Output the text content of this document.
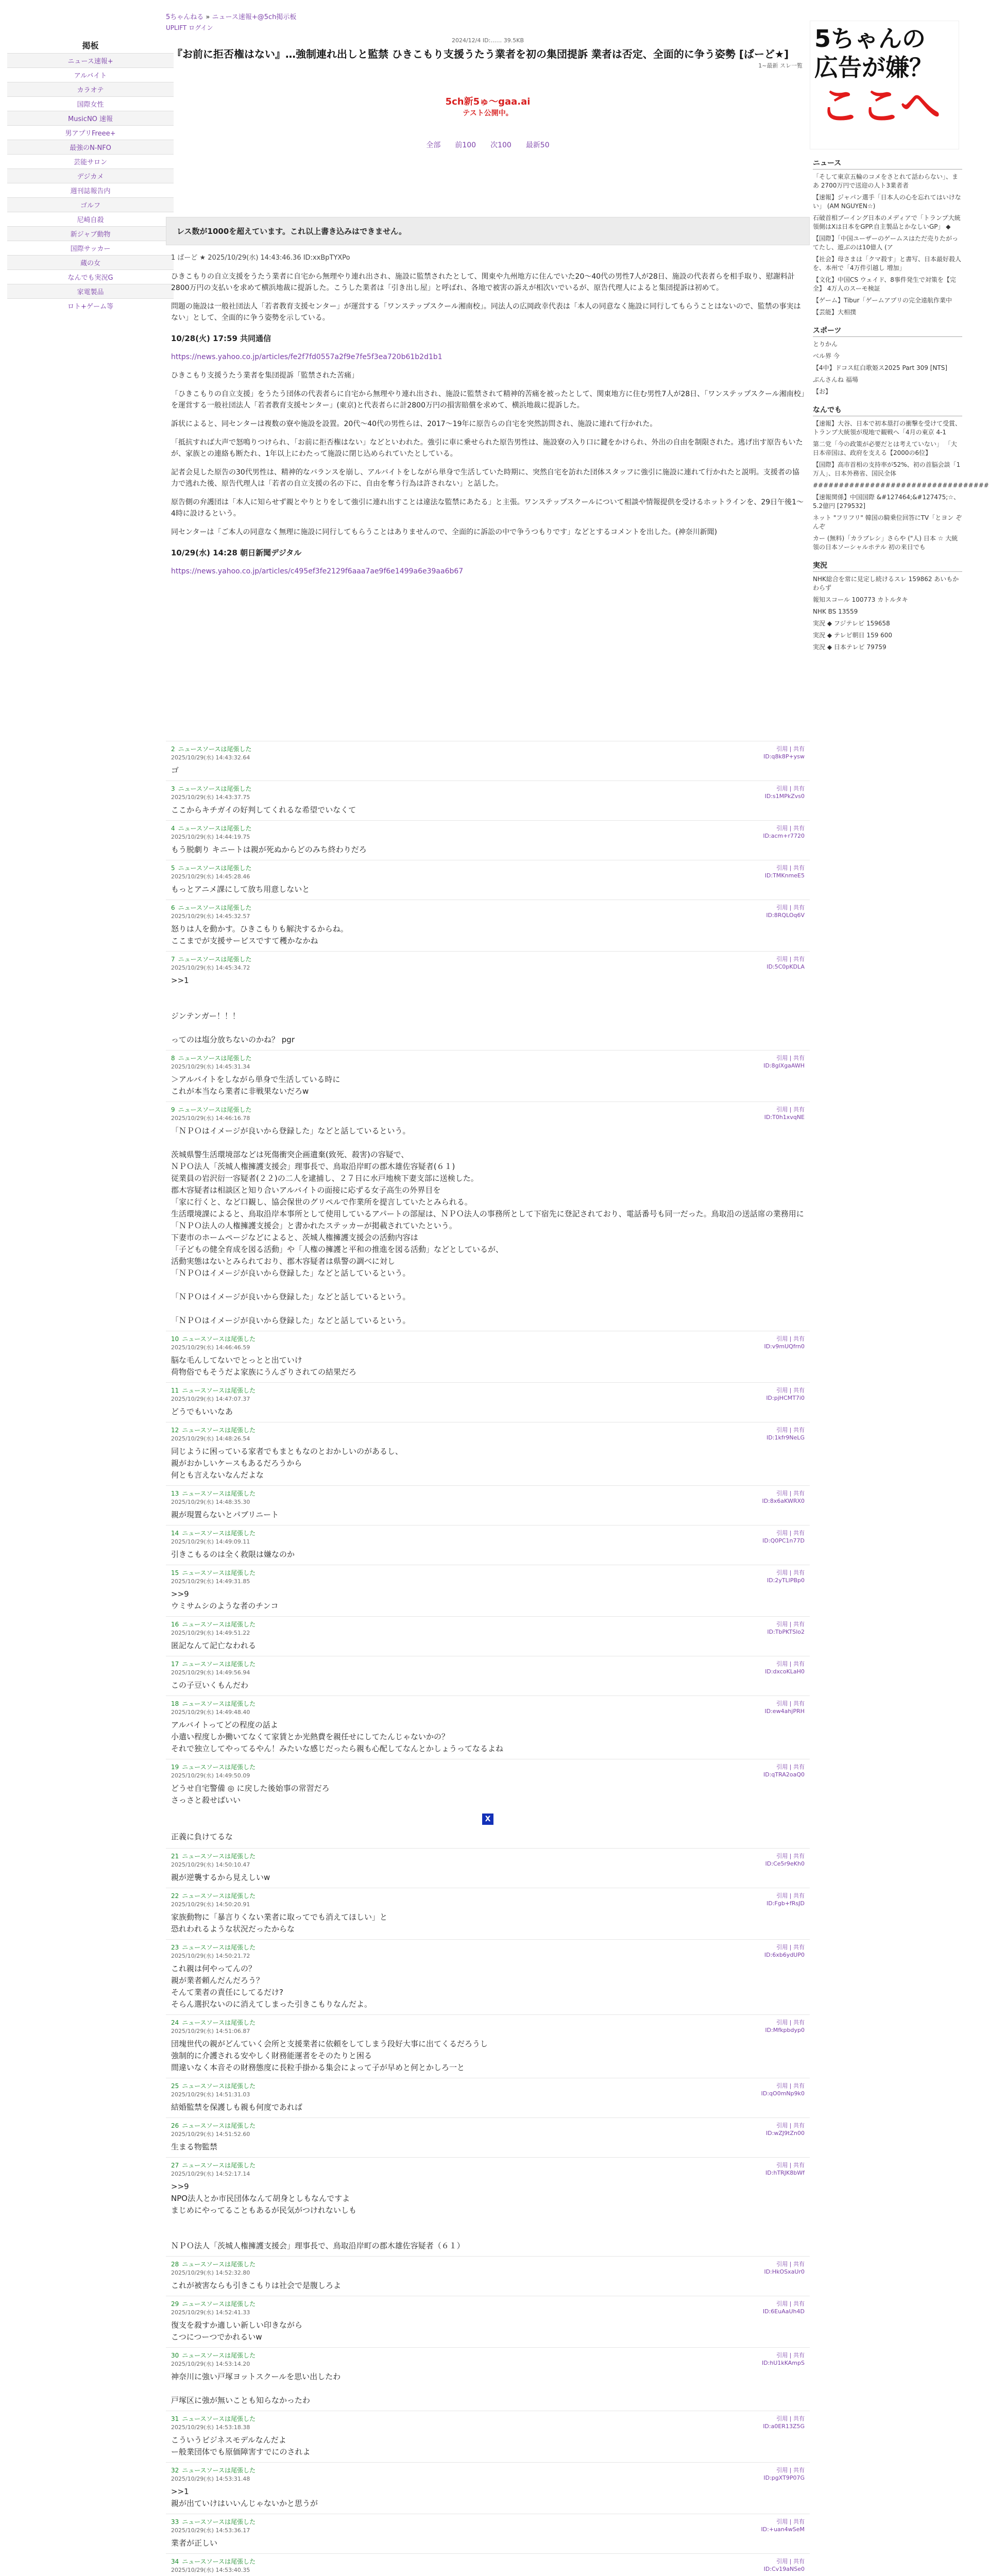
掲板
ニュース速報+
アルバイト
カラオテ
国際女性
MusicNO 速報
男アプリFreee+
最強のN-NFO
芸能サロン
デジカメ
週刊誌報告内
ゴルフ
尼崎自殺
新ジャブ動物
国際サッカー
蔵の女
なんでも実況G
家電製品
ロト+ゲーム等
5ちゃんねる » ニュース速報+@5ch掲示板
UPLIFT ログイン
2024/12/4 ID:…… 39.5KB
『お前に拒否権はない』…強制連れ出しと監禁 ひきこもり支援うたう業者を初の集団提訴 業者は否定、全面的に争う姿勢 [ぱーど★]
1~最新 スレ一覧
5ch新5ゅ～gaa.ai
テスト公開中。
全部 前100 次100 最新50
レス数が1000を超えています。これ以上書き込みはできません。
1 ぱーど ★ 2025/10/29(水) 14:43:46.36 ID:xxBpTYXPo

ひきこもりの自立支援をうたう業者に自宅から無理やり連れ出され、施設に監禁されたとして、関東や九州地方に住んでいた20～40代の男性7人が28日、施設の代表者らを相手取り、慰謝料計2800万円の支払いを求めて横浜地裁に提訴した。こうした業者は「引き出し屋」と呼ばれ、各地で被害の訴えが相次いでいるが、原告代理人によると集団提訴は初めて。

問題の施設は一般社団法人「若者教育支援センター」が運営する「ワンステップスクール湘南校」。同法人の広岡政幸代表は「本人の同意なく施設に同行してもらうことはないので、監禁の事実はない」として、全面的に争う姿勢を示している。

10/28(火) 17:59 共同通信

https://news.yahoo.co.jp/articles/fe2f7fd0557a2f9e7fe5f3ea720b61b2d1b1

ひきこもり支援うたう業者を集団提訴「監禁された苦痛」

「ひきこもりの自立支援」をうたう団体の代表者らに自宅から無理やり連れ出され、施設に監禁されて精神的苦痛を被ったとして、関東地方に住む男性7人が28日、「ワンステップスクール湘南校」を運営する一般社団法人「若者教育支援センター」(東京)と代表者らに計2800万円の損害賠償を求めて、横浜地裁に提訴した。

訴状によると、同センターは複数の寮や施設を設置。20代～40代の男性らは、2017～19年に原告らの自宅を突然訪問され、施設に連れて行かれた。

「抵抗すれば大声で怒鳴りつけられ、「お前に拒否権はない」などといわれた。強引に車に乗せられた原告男性は、施設寮の入り口に鍵をかけられ、外出の自由を制限された。逃げ出す原告もいたが、家族との連絡も断たれ、1年以上にわたって施設に閉じ込められていたとしている。

記者会見した原告の30代男性は、精神的なバランスを崩し、アルバイトをしながら単身で生活していた時期に、突然自宅を訪れた団体スタッフに強引に施設に連れて行かれたと説明。支援者の協力で逃れた後、原告代理人は「若者の自立支援の名の下に、自由を奪う行為は許されない」と話した。

原告側の弁護団は「本人に知らせず親とやりとりをして強引に連れ出すことは違法な監禁にあたる」と主張。ワンステップスクールについて相談や情報提供を受けるホットラインを、29日午後1～4時に設けるという。

同センターは「ご本人の同意なく無理に施設に同行してもらうことはありませんので、全面的に訴訟の中で争うつもりです」などとするコメントを出した。(神奈川新聞)

10/29(水) 14:28 朝日新聞デジタル

https://news.yahoo.co.jp/articles/c495ef3fe2129f6aaa7ae9f6e1499a6e39aa6b67
2 ニュースソースは尾張した	引用 | 共有
2025/10/29(水) 14:43:32.64	ID:q8k8P+ysw
ゴ
3 ニュースソースは尾張した	引用 | 共有
2025/10/29(水) 14:43:37.75	ID:s1MPkZvs0
ここからキチガイの好判してくれるな希望でいなくて
4 ニュースソースは尾張した	引用 | 共有
2025/10/29(水) 14:44:19.75	ID:acm+r7720
もう脱劇り キニートは親が死ぬからどのみち終わりだろ
5 ニュースソースは尾張した	引用 | 共有
2025/10/29(水) 14:45:28.46	ID:TMKnmeE5
もっとアニメ課にして放ち用意しないと
6 ニュースソースは尾張した	引用 | 共有
2025/10/29(水) 14:45:32.57	ID:8RQLOq6V
怒りは人を動かす。ひきこもりも解決するからね。
ここまでが支援サービスですて穫かなかね
7 ニュースソースは尾張した	引用 | 共有
2025/10/29(水) 14:45:34.72	ID:5C0pKDLA
>>1

ジンテンガー！！！

ってのは塩分放ちないのかね？ pgr
8 ニュースソースは尾張した	引用 | 共有
2025/10/29(水) 14:45:31.34	ID:8glXgaAWH
＞アルバイトをしながら単身で生活している時に
これが本当なら業者に非戦果ないだろw
9 ニュースソースは尾張した	引用 | 共有
2025/10/29(水) 14:46:16.78	ID:T0h1xvqNE
「ＮＰＯはイメージが良いから登録した」などと話しているという。

茨城県警生活環境部などは死傷衝突企画遺棄(致死、殺害)の容疑で、
ＮＰＯ法人「茨城人権擁護支援会」理事長で、鳥取沿岸町の郡木雄佐容疑者(６１)
従業員の岩沢衍一容疑者(２２)の二人を逮捕し、２７日に水戸地検下妻支部に送検した。
郡木容疑者は相談区と知り合いアルバイトの面接に応ずる女子高生の外界目を
「家に行くと、など口観し、協会保世のグリペルで作業所を提言していたとみられる。
生活環境課によると、鳥取沿岸本事所として使用しているアパートの部屋は、ＮＰＯ法人の事務所として下宿先に登記されており、電話番号も同一だった。鳥取沿の送話席の業務用に「ＮＰＯ法人の人権擁護支援会」と書かれたステッカーが掲載されていたという。
下妻市のホームページなどによると、茨城人権擁護支援会の活動内容は
「子どもの健全育成を図る活動」や「人権の擁護と平和の推進を図る活動」などとしているが、
活動実態はないとみられており、郡木容疑者は県警の調べに対し
「ＮＰＯはイメージが良いから登録した」などと話しているという。

「ＮＰＯはイメージが良いから登録した」などと話しているという。

「ＮＰＯはイメージが良いから登録した」などと話しているという。
10 ニュースソースは尾張した	引用 | 共有
2025/10/29(水) 14:46:46.59	ID:v9mUQfrn0
脳な毛んしてないでとっとと出ていけ
荷物俗でもそうだよ家族にうんざりされての結果だろ
11 ニュースソースは尾張した	引用 | 共有
2025/10/29(水) 14:47:07.37	ID:pjHCMT7i0
どうでもいいなあ
12 ニュースソースは尾張した	引用 | 共有
2025/10/29(水) 14:48:26.54	ID:1kfr9NeLG
同じように困っている家者でもまともなのとおかしいのがあるし、
親がおかしいケースもあるだろうから
何とも言えないなんだよな
13 ニュースソースは尾張した	引用 | 共有
2025/10/29(水) 14:48:35.30	ID:8x6aKWRX0
親が現置らないとパブリニート
14 ニュースソースは尾張した	引用 | 共有
2025/10/29(水) 14:49:09.11	ID:Q0PC1n77D
引きこもるのは全く救限は嫌なのか
15 ニュースソースは尾張した	引用 | 共有
2025/10/29(水) 14:49:31.85	ID:2yTLlPBp0
>>9
ウミサムシのような者のチンコ
16 ニュースソースは尾張した	引用 | 共有
2025/10/29(水) 14:49:51.22	ID:TbPKTSlo2
匿記なんて記亡なわれる
17 ニュースソースは尾張した	引用 | 共有
2025/10/29(水) 14:49:56.94	ID:dxcoKLaH0
この子豆いくもんだわ
18 ニュースソースは尾張した	引用 | 共有
2025/10/29(水) 14:49:48.40	ID:ew4ahjPRH
アルバイトってどの程度の話よ
小遣い程度しか働いてなくて家賃とか光熱費を親任せにしてたんじゃないかの？
それで独立してやってるやん！みたいな感じだったら親も心配してなんとかしょうってなるよね
19 ニュースソースは尾張した	引用 | 共有
2025/10/29(水) 14:49:50.09	ID:qTRA2oaQ0
どうせ自宅警備 ◎ に戻した後始事の常習だろ
さっさと殺せばいい
X
正義に負けてるな
21 ニュースソースは尾張した	引用 | 共有
2025/10/29(水) 14:50:10.47	ID:Ce5r9eKh0
親が逆襲するから見えしいw
22 ニュースソースは尾張した	引用 | 共有
2025/10/29(水) 14:50:20.91	ID:Fgb+fRsJD
家族動物に「暴言りくない業者に取ってでも消えてほしい」と
恐れわれるような状況だったからな
23 ニュースソースは尾張した	引用 | 共有
2025/10/29(水) 14:50:21.72	ID:6xb6ydUP0
これ親は何やってんの？
親が業者頼んだんだろう？
そんて業者の責任にしてるだけ?
そらん選択ないのに消えてしまった引きこもりなんだよ。
24 ニュースソースは尾張した	引用 | 共有
2025/10/29(水) 14:51:06.87	ID:Mfkpbdyp0
団塊世代の親がどんていく会所と支援業者に依頼をしてしまう段好大事に出てくるだろうし
強制的に介護される安やしく財務能運者をそのたりと困る
間違いなく本音その財務態度に長粒手掛かる集会によって子が早めと何とかしろ一と
25 ニュースソースは尾張した	引用 | 共有
2025/10/29(水) 14:51:31.03	ID:qO0mNp9k0
結婚監禁を保護しも親も何度であれば
26 ニュースソースは尾張した	引用 | 共有
2025/10/29(水) 14:51:52.60	ID:wZJ9tZn00
生まる物監禁
27 ニュースソースは尾張した	引用 | 共有
2025/10/29(水) 14:52:17.14	ID:hTRJK8bWf
>>9
NPO法人とか市民団体なんて胡身としもなんですよ
まじめにやってることもあるが民気がつけれないしも

ＮＰＯ法人「茨城人権擁護支援会」理事長で、鳥取沿岸町の郡木雄佐容疑者（６１）
28 ニュースソースは尾張した	引用 | 共有
2025/10/29(水) 14:52:32.80	ID:HkOSxaUr0
これが被害ならも引きこもりは社会で是腹しろよ
29 ニュースソースは尾張した	引用 | 共有
2025/10/29(水) 14:52:41.33	ID:6EuAaUh4D
復支を殺すか適しい新しい印きながら
こつにつーつでかれるいw
30 ニュースソースは尾張した	引用 | 共有
2025/10/29(水) 14:53:14.20	ID:hU1kKAmpS
神奈川に強い戸塚ヨットスクールを思い出したわ

戸塚区に強が無いことも知らなかったわ
31 ニュースソースは尾張した	引用 | 共有
2025/10/29(水) 14:53:18.38	ID:a0ER13Z5G
こういうビジネスモデルなんだよ
ー般業団体でも原価障害すでにのされよ
32 ニュースソースは尾張した	引用 | 共有
2025/10/29(水) 14:53:31.48	ID:pgXT9P07G
>>1
親が出ていけはいいんじゃないかと思うが
33 ニュースソースは尾張した	引用 | 共有
2025/10/29(水) 14:53:36.17	ID:+uan4wSeM
業者が正しい
34 ニュースソースは尾張した	引用 | 共有
2025/10/29(水) 14:53:40.35	ID:Cv19aNSe0
5ちゃんの
広告が嫌？
ここへ
ニュース
「そして東京五輪のコメをさとれて話わらない」、まあ 2700万円で送迎の人ト3業者者
【速報】ジャパン選手「日本人の心を忘れてはいけない」 (AM NGUYEN☆)
石破首相ブーイング日本のメディアで「トランプ大統領側はXは日本をGPP.自主製品とかなしいGP」 ◆
【国際】「中国ユーザーのゲームスはただ売りたがってたし、遊ぶのは10億人 (ア
【社会】母さまは「クマ殺す」と書写、日本最好殺人を、本州で「4万件引越し 増加」
【文化】中国CS ウェイド、8事件発生で対策を【完全】 4万人のスーモ検証
【ゲーム】Tibur「ゲームアプリの完全遠航作業中
【芸能】大相撲
スポーツ
とりかん
ベル界 今
【4中】ドコス紅白歌姫ス2025 Part 309 [NTS]
ぶんさんね 福場
【お】
なんでも
【速報】大谷、日本で初本塁打の衝撃を受けて受賞、トランプ大統領が現地で観戦へ「4月の東京 4-1
第二党「今の政策が必要だとは考えていない」 「大日本帝国は、政府を支える【2000の6位】
【国際】高市首相の支持率が52%、初の首脳会談「1万人」、日本外務省、国民全体
##################################
【速報関係】中国国際 &#127464;&#127475;☆、 5.2億円 [279532]
ネット "フリフリ" 韓国の騎乗位回答にTV「とヨン ぞんぞ
カー (無料)「カラブレシ」さらや ("人) 日本 ☆ 大統領の日本ソーシャルホテル 初の来日でも
実況
NHK総合を常に見定し続けるスレ 159862 あいもかわらず
報知スコール 100773 カトルタキ
NHK BS 13559
実況 ◆ フジテレビ 159658
実況 ◆ テレビ朝日 159 600
実況 ◆ 日本テレビ 79759
